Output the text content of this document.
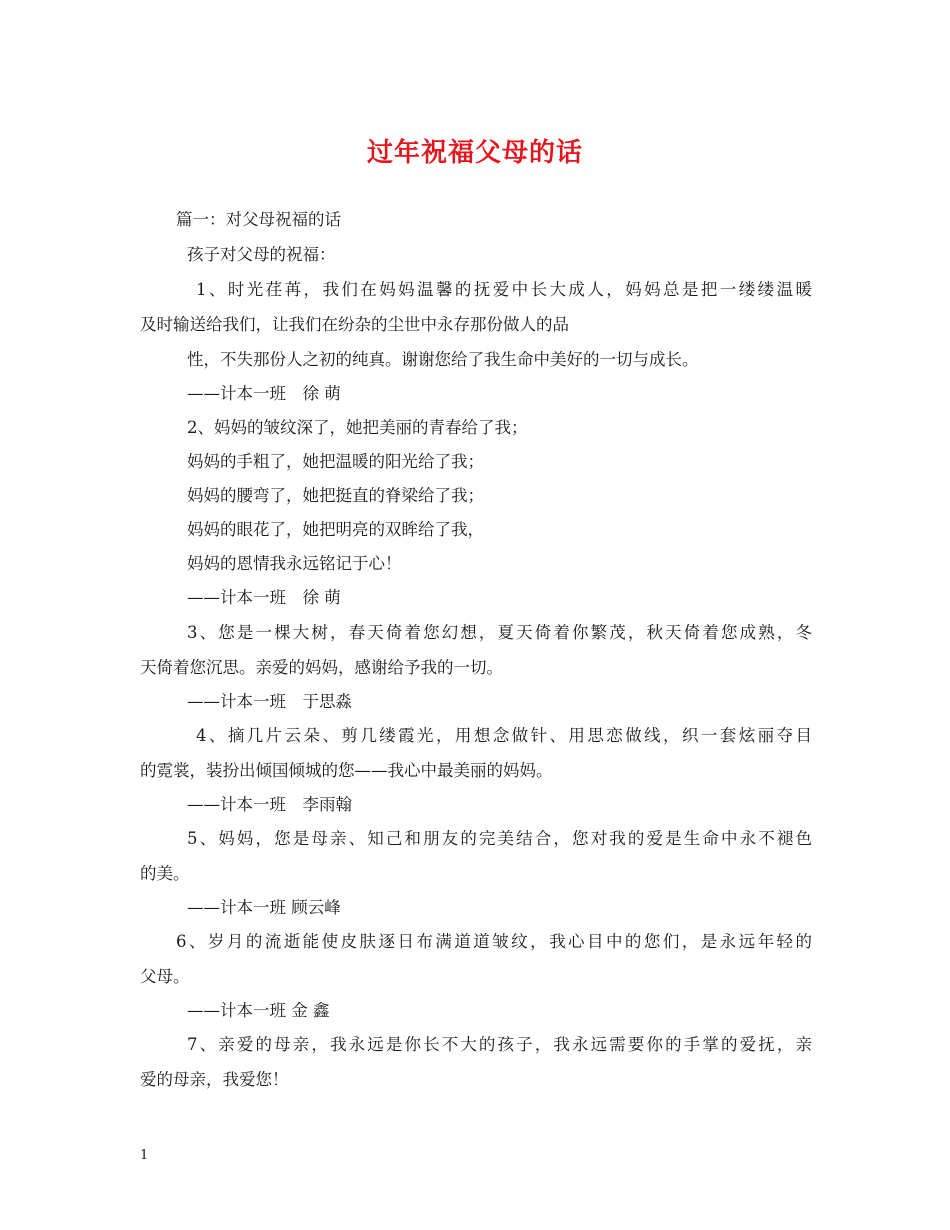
过年祝福父母的话
篇一：对父母祝福的话
孩子对父母的祝福：
1、时光荏苒，我们在妈妈温馨的抚爱中长大成人，妈妈总是把一缕缕温暖
及时输送给我们，让我们在纷杂的尘世中永存那份做人的品
性，不失那份人之初的纯真。谢谢您给了我生命中美好的一切与成长。
——计本一班　徐 萌
2、妈妈的皱纹深了，她把美丽的青春给了我；
妈妈的手粗了，她把温暖的阳光给了我；
妈妈的腰弯了，她把挺直的脊梁给了我；
妈妈的眼花了，她把明亮的双眸给了我，
妈妈的恩情我永远铭记于心！
——计本一班　徐 萌
3、您是一棵大树，春天倚着您幻想，夏天倚着你繁茂，秋天倚着您成熟，冬
天倚着您沉思。亲爱的妈妈，感谢给予我的一切。
——计本一班　于思淼
4、摘几片云朵、剪几缕霞光，用想念做针、用思恋做线，织一套炫丽夺目
的霓裳，装扮出倾国倾城的您——我心中最美丽的妈妈。
——计本一班　李雨翰
5、妈妈，您是母亲、知己和朋友的完美结合，您对我的爱是生命中永不褪色
的美。
——计本一班 顾云峰
6、岁月的流逝能使皮肤逐日布满道道皱纹，我心目中的您们，是永远年轻的
父母。
——计本一班 金 鑫
7、亲爱的母亲，我永远是你长不大的孩子，我永远需要你的手掌的爱抚，亲
爱的母亲，我爱您！
1
